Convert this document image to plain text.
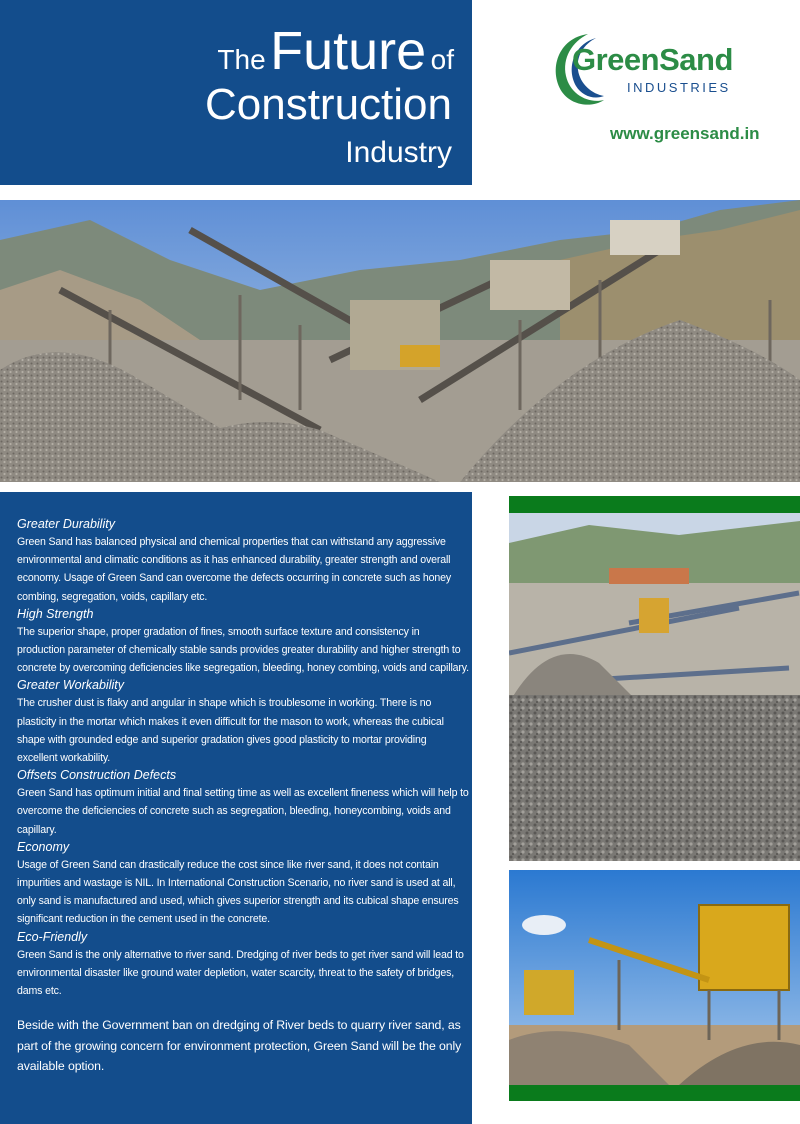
The Future of
Construction
Industry
GreenSand
INDUSTRIES
www.greensand.in

Greater Durability

Green Sand has balanced physical and chemical properties that can withstand any aggressive environmental and climatic conditions as it has enhanced durability, greater strength and overall economy. Usage of Green Sand can overcome the defects occurring in concrete such as honey combing, segregation, voids, capillary etc.

High Strength

The superior shape, proper gradation of fines, smooth surface texture and consistency in production parameter of chemically stable sands provides greater durability and higher strength to concrete by overcoming deficiencies like segregation, bleeding, honey combing, voids and capillary.

Greater Workability

The crusher dust is flaky and angular in shape which is troublesome in working. There is no plasticity in the mortar which makes it even difficult for the mason to work, whereas the cubical shape with grounded edge and superior gradation gives good plasticity to mortar providing excellent workability.

Offsets Construction Defects

Green Sand has optimum initial and final setting time as well as excellent fineness which will help to overcome the deficiencies of concrete such as segregation, bleeding, honeycombing, voids and capillary.

Economy

Usage of Green Sand can drastically reduce the cost since like river sand, it does not contain impurities and wastage is NIL. In International Construction Scenario, no river sand is used at all, only sand is manufactured and used, which gives superior strength and its cubical shape ensures significant reduction in the cement used in the concrete.

Eco-Friendly

Green Sand is the only alternative to river sand. Dredging of river beds to get river sand will lead to environmental disaster like ground water depletion, water scarcity, threat to the safety of bridges, dams etc.

Beside with the Government ban on dredging of River beds to quarry river sand, as part of the growing concern for environment protection, Green Sand will be the only available option.
